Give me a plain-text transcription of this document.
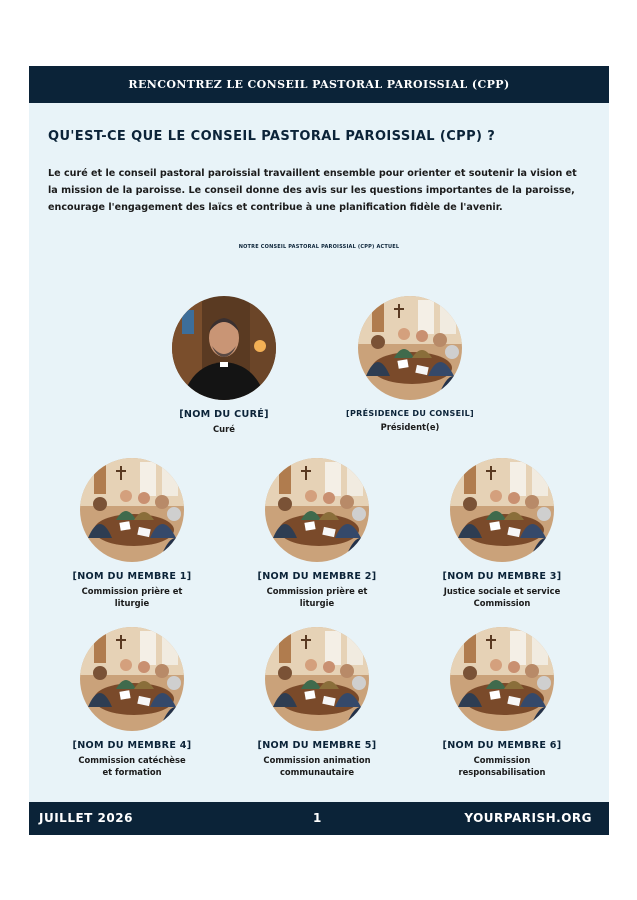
RENCONTREZ LE CONSEIL PASTORAL PAROISSIAL (CPP)
QU'EST-CE QUE LE CONSEIL PASTORAL PAROISSIAL (CPP) ?
Le curé et le conseil pastoral paroissial travaillent ensemble pour orienter et soutenir la vision et la mission de la paroisse. Le conseil donne des avis sur les questions importantes de la paroisse, encourage l'engagement des laïcs et contribue à une planification fidèle de l'avenir.
NOTRE CONSEIL PASTORAL PAROISSIAL (CPP) ACTUEL
[NOM DU CURÉ]
Curé
[PRÉSIDENCE DU CONSEIL]
Président(e)
[NOM DU MEMBRE 1]
Commission prière et liturgie
[NOM DU MEMBRE 2]
Commission prière et liturgie
[NOM DU MEMBRE 3]
Justice sociale et service Commission
[NOM DU MEMBRE 4]
Commission catéchèse et formation
[NOM DU MEMBRE 5]
Commission animation communautaire
[NOM DU MEMBRE 6]
Commission responsabilisation
JUILLET 2026	1	YOURPARISH.ORG
